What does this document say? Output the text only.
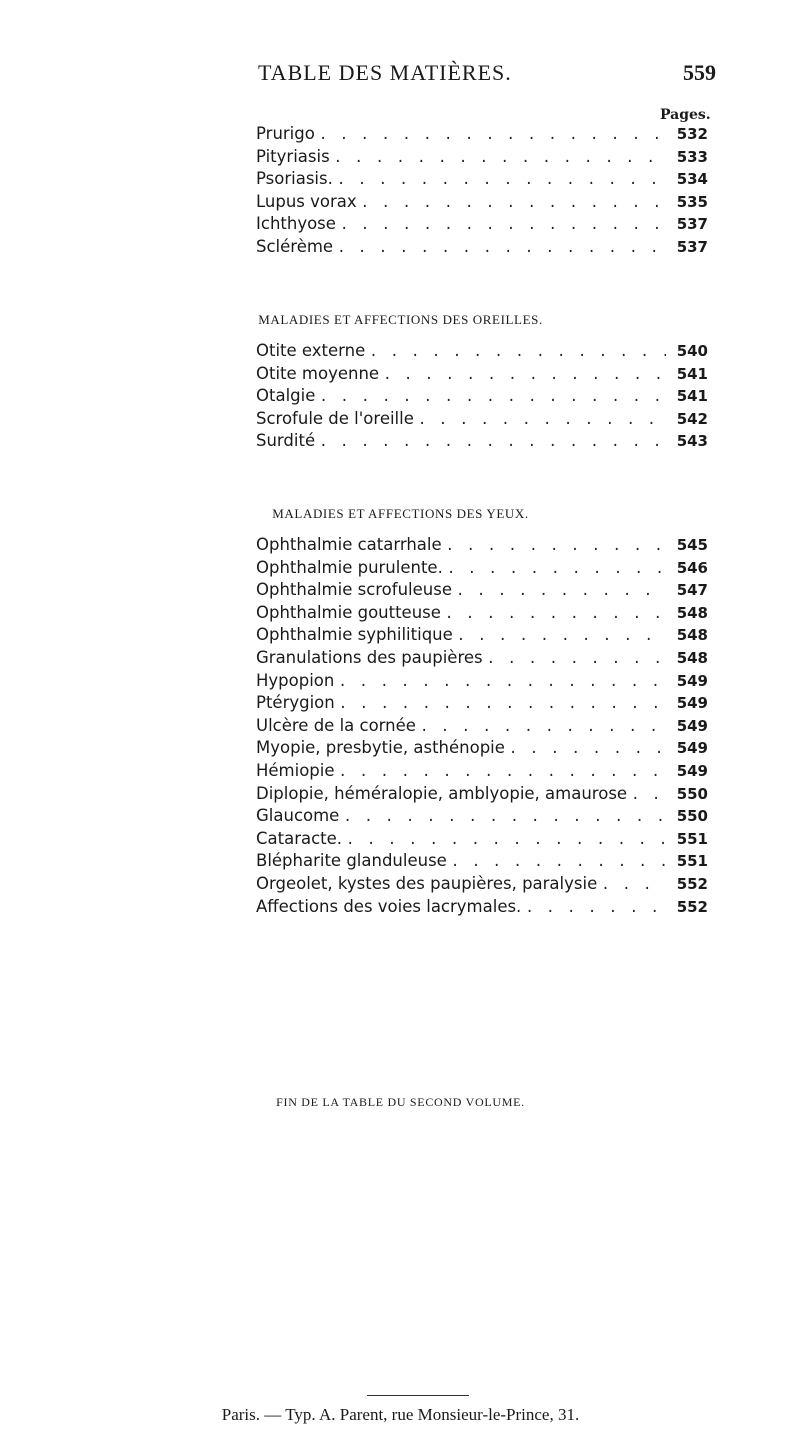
TABLE DES MATIÈRES.	559
Pages.
Prurigo . . .	532
Pityriasis . . .	533
Psoriasis. . . .	534
Lupus vorax . . .	535
Ichthyose . . .	537
Sclérème . . .	537
MALADIES ET AFFECTIONS DES OREILLES.
Otite externe . . .	540
Otite moyenne . . .	541
Otalgie . . .	541
Scrofule de l'oreille . . .	542
Surdité . . .	543
MALADIES ET AFFECTIONS DES YEUX.
Ophthalmie catarrhale . . .	545
Ophthalmie purulente. . . .	546
Ophthalmie scrofuleuse . . .	547
Ophthalmie goutteuse . . .	548
Ophthalmie syphilitique . . .	548
Granulations des paupières . . .	548
Hypopion . . .	549
Ptérygion . . .	549
Ulcère de la cornée . . .	549
Myopie, presbytie, asthénopie . . .	549
Hémiopie . . .	549
Diplopie, héméralopie, amblyopie, amaurose . . .	550
Glaucome . . .	550
Cataracte. . . .	551
Blépharite glanduleuse . . .	551
Orgeolet, kystes des paupières, paralysie . . .	552
Affections des voies lacrymales. . . .	552
FIN DE LA TABLE DU SECOND VOLUME.
Paris. — Typ. A. Parent, rue Monsieur-le-Prince, 31.
